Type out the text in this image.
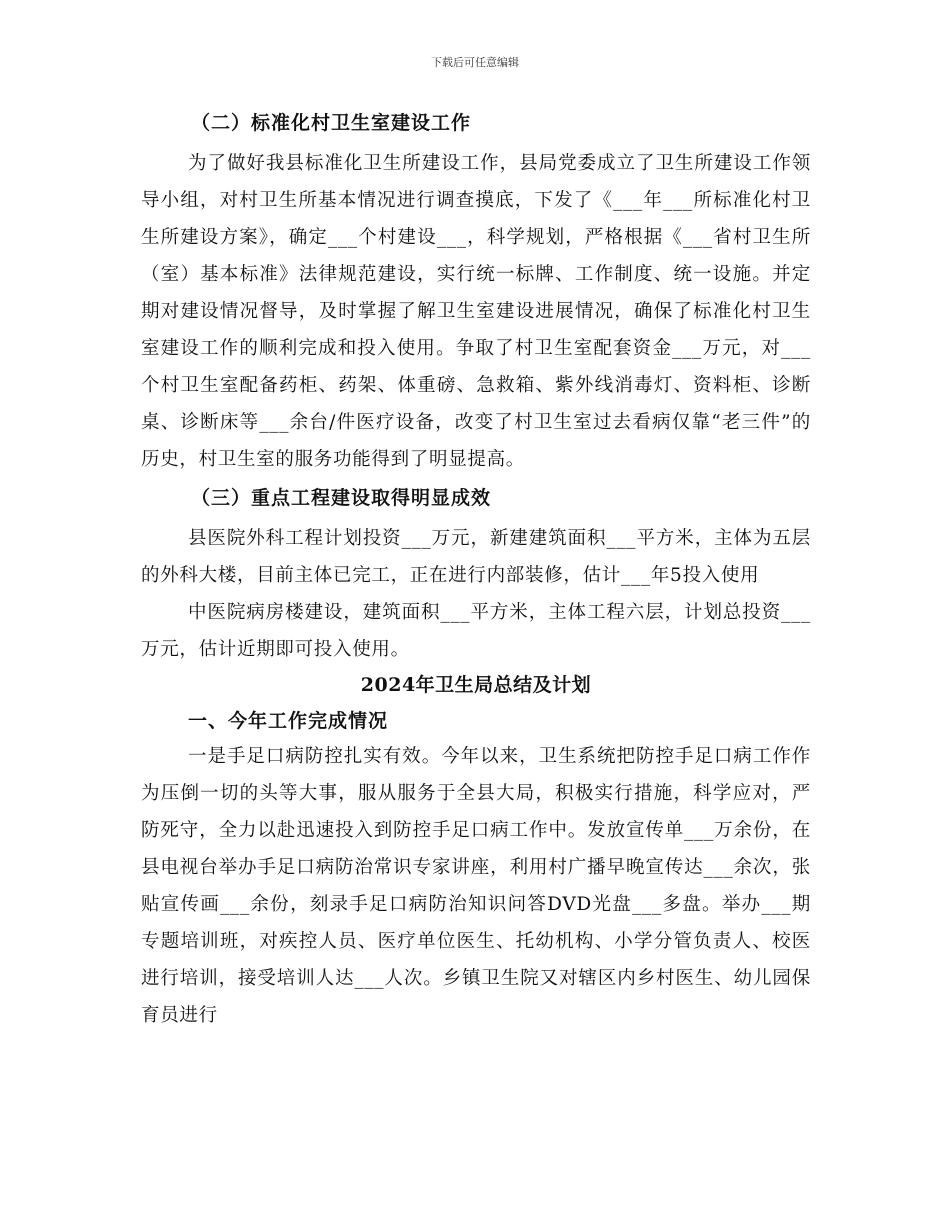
下载后可任意编辑
（二）标准化村卫生室建设工作

为了做好我县标准化卫生所建设工作，县局党委成立了卫生所建设工作领导小组，对村卫生所基本情况进行调查摸底，下发了《___年___所标准化村卫生所建设方案》，确定___个村建设___，科学规划，严格根据《___省村卫生所（室）基本标准》法律规范建设，实行统一标牌、工作制度、统一设施。并定期对建设情况督导，及时掌握了解卫生室建设进展情况，确保了标准化村卫生室建设工作的顺利完成和投入使用。争取了村卫生室配套资金___万元，对___个村卫生室配备药柜、药架、体重磅、急救箱、紫外线消毒灯、资料柜、诊断桌、诊断床等___余台/件医疗设备，改变了村卫生室过去看病仅靠“老三件”的历史，村卫生室的服务功能得到了明显提高。

（三）重点工程建设取得明显成效

县医院外科工程计划投资___万元，新建建筑面积___平方米，主体为五层的外科大楼，目前主体已完工，正在进行内部装修，估计___年5投入使用

中医院病房楼建设，建筑面积___平方米，主体工程六层，计划总投资___万元，估计近期即可投入使用。

2024年卫生局总结及计划
一、今年工作完成情况

一是手足口病防控扎实有效。今年以来，卫生系统把防控手足口病工作作为压倒一切的头等大事，服从服务于全县大局，积极实行措施，科学应对，严防死守，全力以赴迅速投入到防控手足口病工作中。发放宣传单___万余份，在县电视台举办手足口病防治常识专家讲座，利用村广播早晚宣传达___余次，张贴宣传画___余份，刻录手足口病防治知识问答DVD光盘___多盘。举办___期专题培训班，对疾控人员、医疗单位医生、托幼机构、小学分管负责人、校医进行培训，接受培训人达___人次。乡镇卫生院又对辖区内乡村医生、幼儿园保育员进行
